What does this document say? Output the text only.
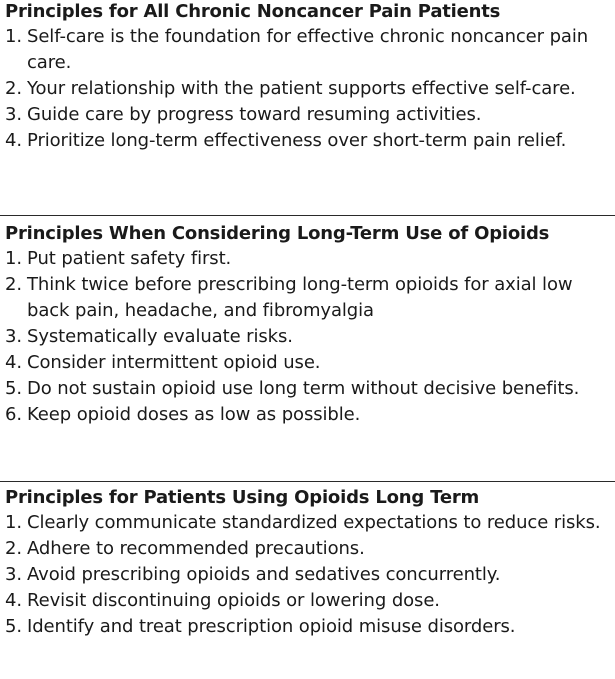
Principles for All Chronic Noncancer Pain Patients
1. Self-care is the foundation for effective chronic noncancer pain care.
2. Your relationship with the patient supports effective self-care.
3. Guide care by progress toward resuming activities.
4. Prioritize long-term effectiveness over short-term pain relief.
Principles When Considering Long-Term Use of Opioids
1. Put patient safety first.
2. Think twice before prescribing long-term opioids for axial low back pain, headache, and fibromyalgia
3. Systematically evaluate risks.
4. Consider intermittent opioid use.
5. Do not sustain opioid use long term without decisive benefits.
6. Keep opioid doses as low as possible.
Principles for Patients Using Opioids Long Term
1. Clearly communicate standardized expectations to reduce risks.
2. Adhere to recommended precautions.
3. Avoid prescribing opioids and sedatives concurrently.
4. Revisit discontinuing opioids or lowering dose.
5. Identify and treat prescription opioid misuse disorders.
